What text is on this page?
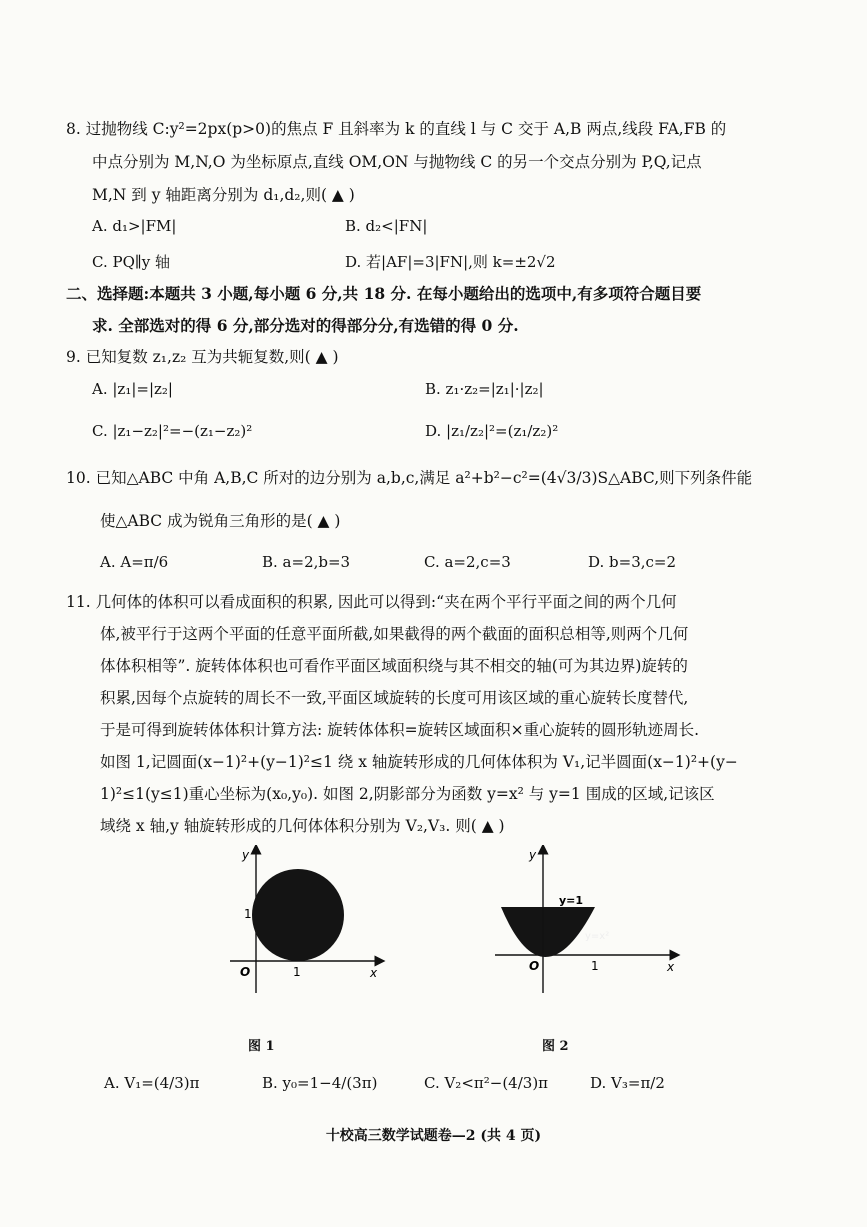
8. 过抛物线 C:y²=2px(p>0)的焦点 F 且斜率为 k 的直线 l 与 C 交于 A,B 两点,线段 FA,FB 的
中点分别为 M,N,O 为坐标原点,直线 OM,ON 与抛物线 C 的另一个交点分别为 P,Q,记点
M,N 到 y 轴距离分别为 d₁,d₂,则( ▲ )
A. d₁>|FM|	B. d₂<|FN|
C. PQ∥y 轴	D. 若|AF|=3|FN|,则 k=±2√2
二、选择题:本题共 3 小题,每小题 6 分,共 18 分. 在每小题给出的选项中,有多项符合题目要
求. 全部选对的得 6 分,部分选对的得部分分,有选错的得 0 分.
9. 已知复数 z₁,z₂ 互为共轭复数,则( ▲ )
A. |z₁|=|z₂|	B. z₁·z₂=|z₁|·|z₂|
C. |z₁−z₂|²=−(z₁−z₂)²	D. |z₁/z₂|²=(z₁/z₂)²
10. 已知△ABC 中角 A,B,C 所对的边分别为 a,b,c,满足 a²+b²−c²=(4√3/3)S△ABC,则下列条件能
使△ABC 成为锐角三角形的是( ▲ )
A. A=π/6	B. a=2,b=3	C. a=2,c=3	D. b=3,c=2
11. 几何体的体积可以看成面积的积累, 因此可以得到:“夹在两个平行平面之间的两个几何
体,被平行于这两个平面的任意平面所截,如果截得的两个截面的面积总相等,则两个几何
体体积相等”. 旋转体体积也可看作平面区域面积绕与其不相交的轴(可为其边界)旋转的
积累,因每个点旋转的周长不一致,平面区域旋转的长度可用该区域的重心旋转长度替代,
于是可得到旋转体体积计算方法: 旋转体体积=旋转区域面积×重心旋转的圆形轨迹周长.
如图 1,记圆面(x−1)²+(y−1)²≤1 绕 x 轴旋转形成的几何体体积为 V₁,记半圆面(x−1)²+(y−
1)²≤1(y≤1)重心坐标为(x₀,y₀). 如图 2,阴影部分为函数 y=x² 与 y=1 围成的区域,记该区
域绕 x 轴,y 轴旋转形成的几何体体积分别为 V₂,V₃. 则( ▲ )
y
x
O	1
1
图 1
y
x
O	1
y=1
y=x²
图 2
A. V₁=(4/3)π	B. y₀=1−4/(3π)	C. V₂<π²−(4/3)π	D. V₃=π/2
十校高三数学试题卷—2 (共 4 页)
